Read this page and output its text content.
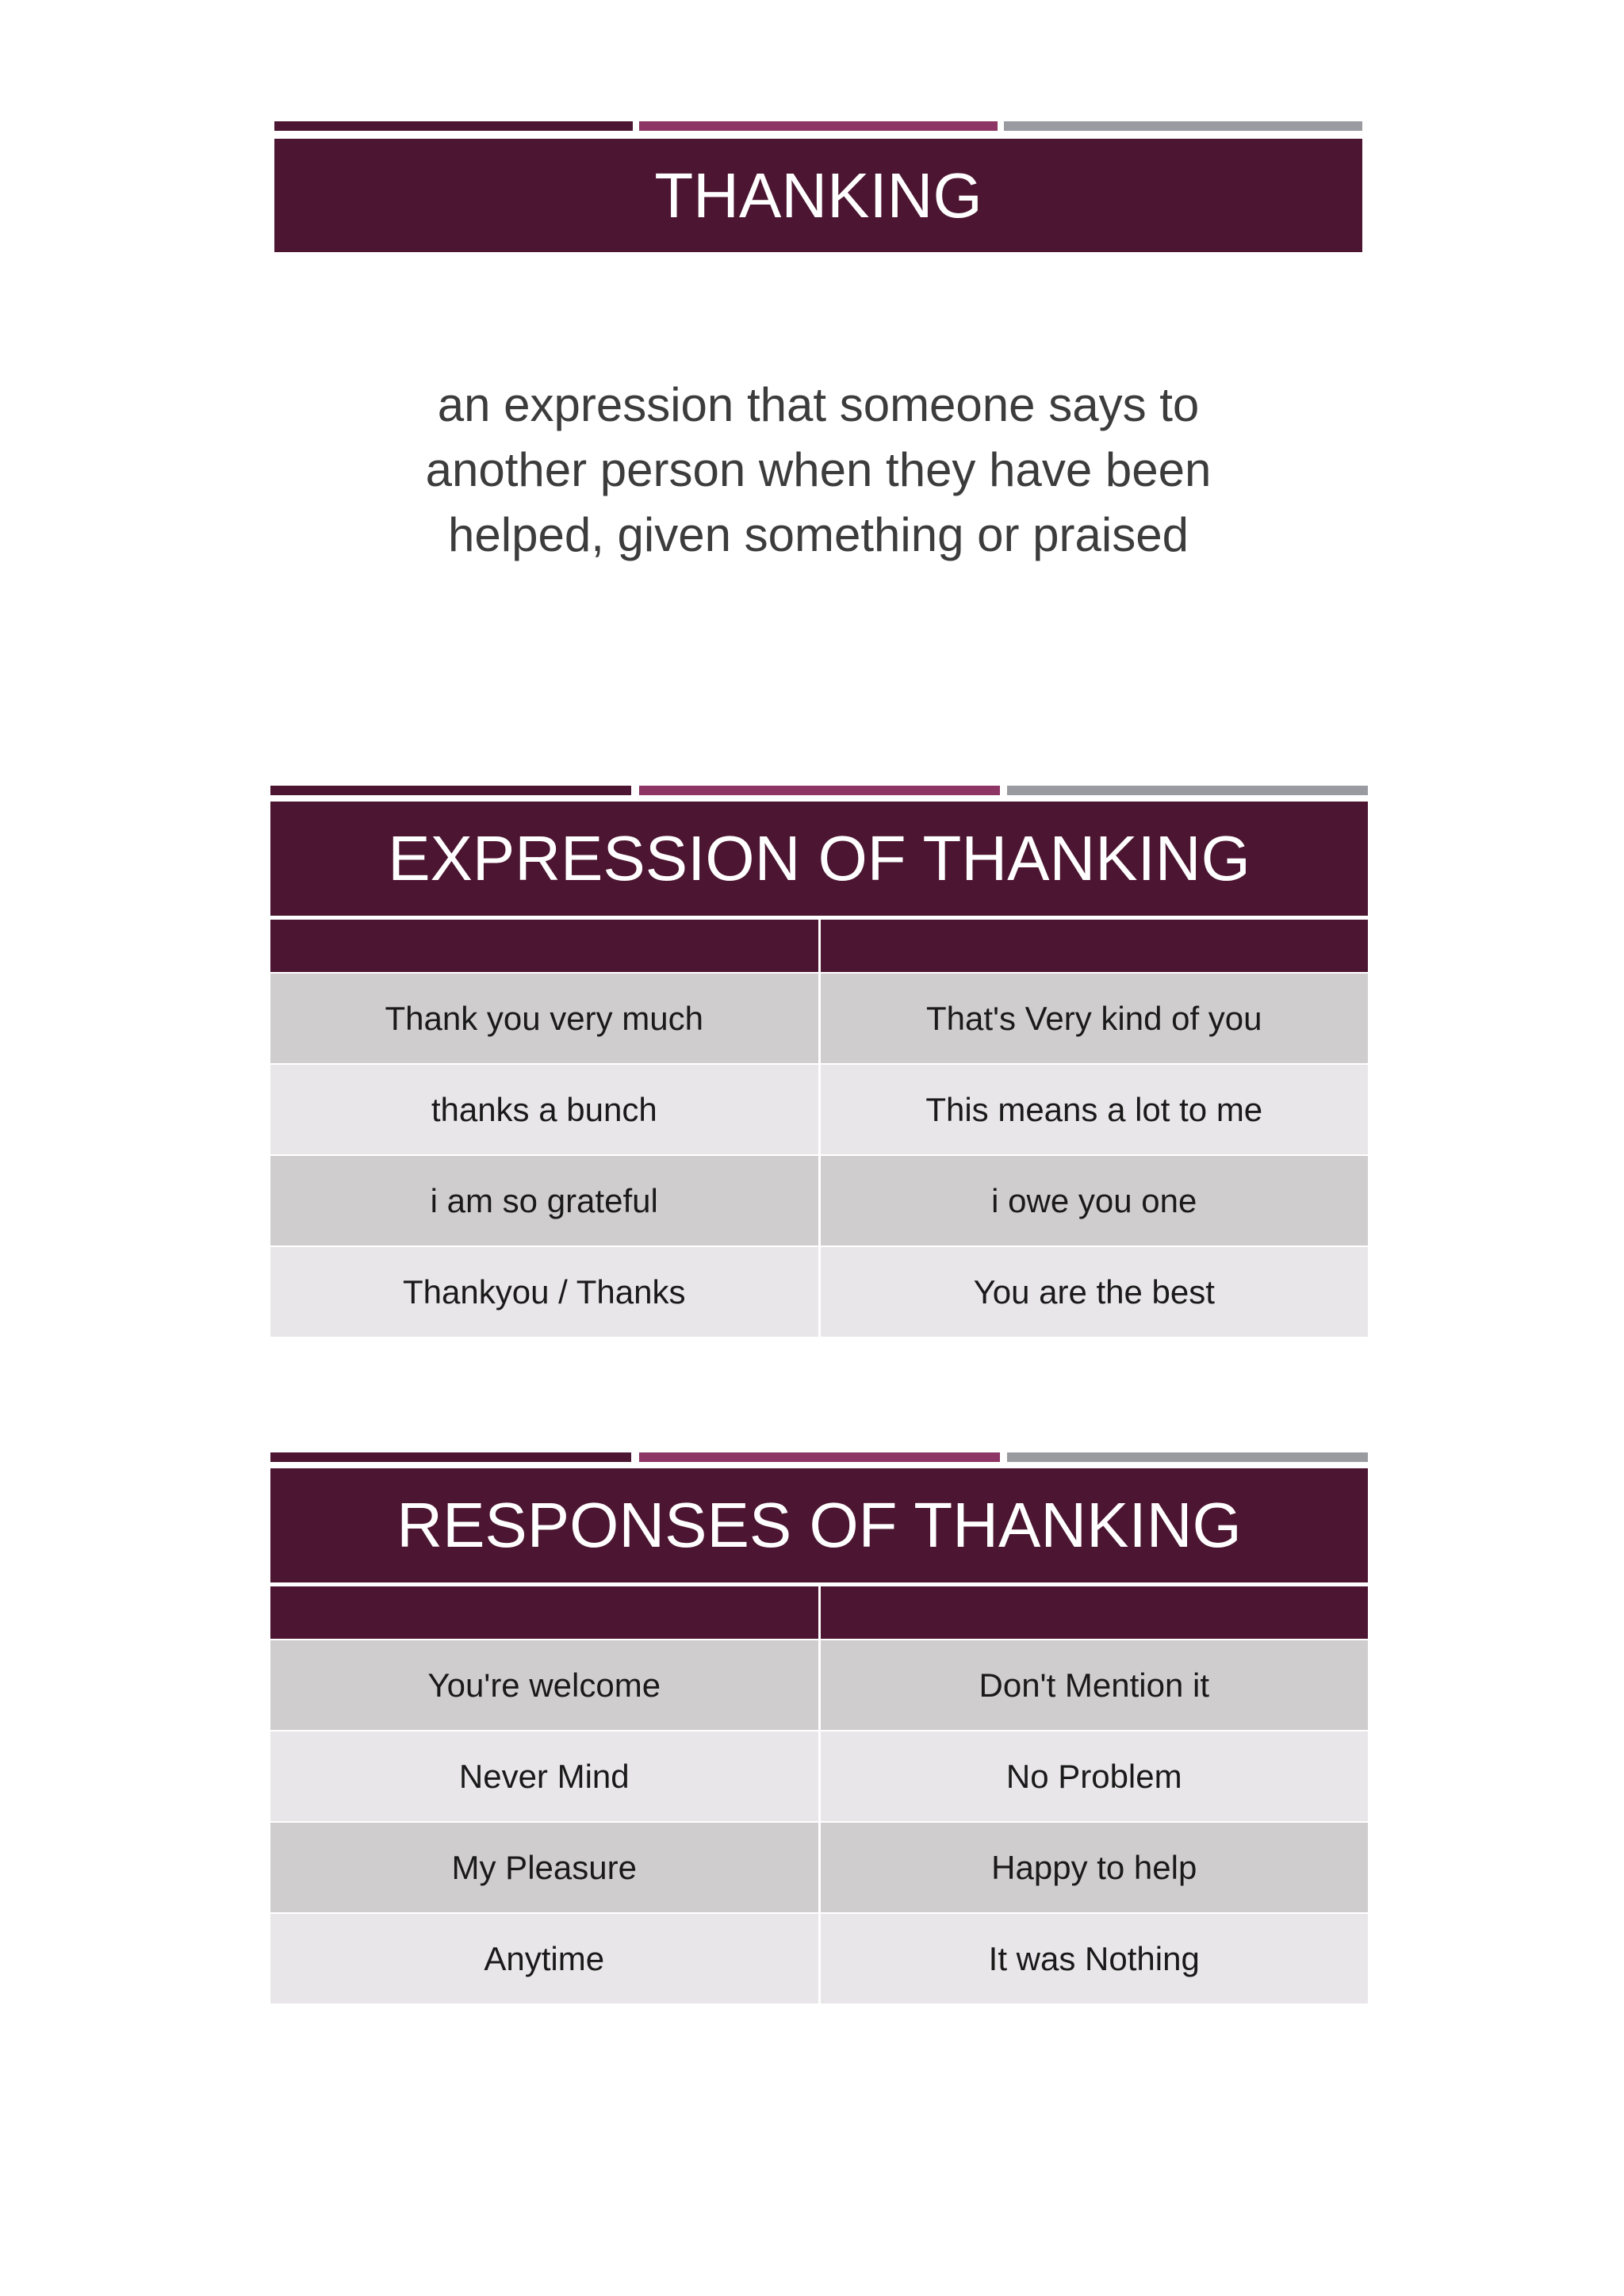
THANKING
an expression that someone says to
another person when they have been
helped, given something or praised
EXPRESSION OF THANKING

Thank you very much	That's Very kind of you
thanks a bunch	This means a lot to me
i am so grateful	i owe you one
Thankyou / Thanks	You are the best
RESPONSES OF THANKING

You're welcome	Don't Mention it
Never Mind	No Problem
My Pleasure	Happy to help
Anytime	It was Nothing
